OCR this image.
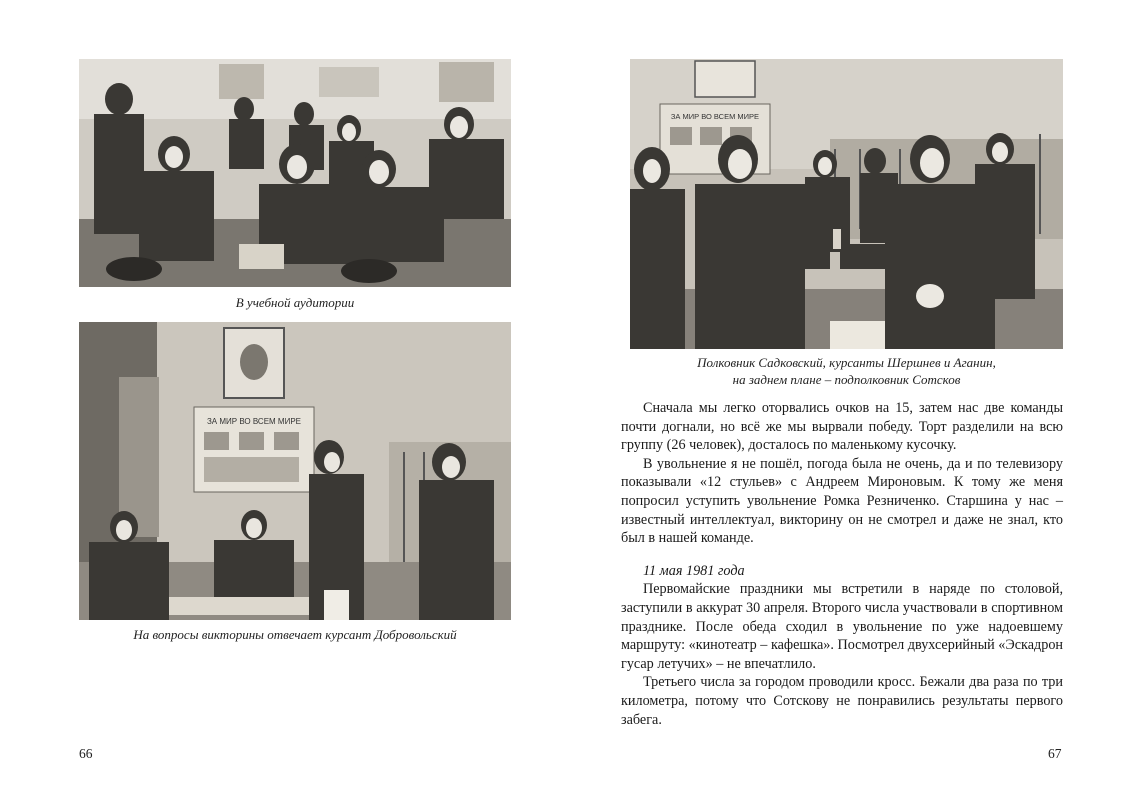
В учебной аудитории
ЗА МИР ВО ВСЕМ МИРЕ
На вопросы викторины отвечает курсант Добровольский
66
ЗА МИР ВО ВСЕМ МИРЕ
Полковник Садковский, курсанты Шершнев и Аганин,
на заднем плане – подполковник Сотсков

Сначала мы легко оторвались очков на 15, затем нас две команды почти догнали, но всё же мы вырвали победу. Торт разделили на всю группу (26 человек), досталось по маленькому кусочку.

В увольнение я не пошёл, погода была не очень, да и по телевизору показывали «12 стульев» с Андреем Мироновым. К тому же меня попросил уступить увольнение Ромка Резниченко. Старшина у нас – известный интеллектуал, викторину он не смотрел и даже не знал, кто был в нашей команде.

11 мая 1981 года

Первомайские праздники мы встретили в наряде по столовой, заступили в аккурат 30 апреля. Второго числа участвовали в спортивном празднике. После обеда сходил в увольнение по уже надоевшему маршруту: «кинотеатр – кафешка». Посмотрел двухсерийный «Эскадрон гусар летучих» – не впечатлило.

Третьего числа за городом проводили кросс. Бежали два раза по три километра, потому что Сотскову не понравились результаты первого забега.

67
